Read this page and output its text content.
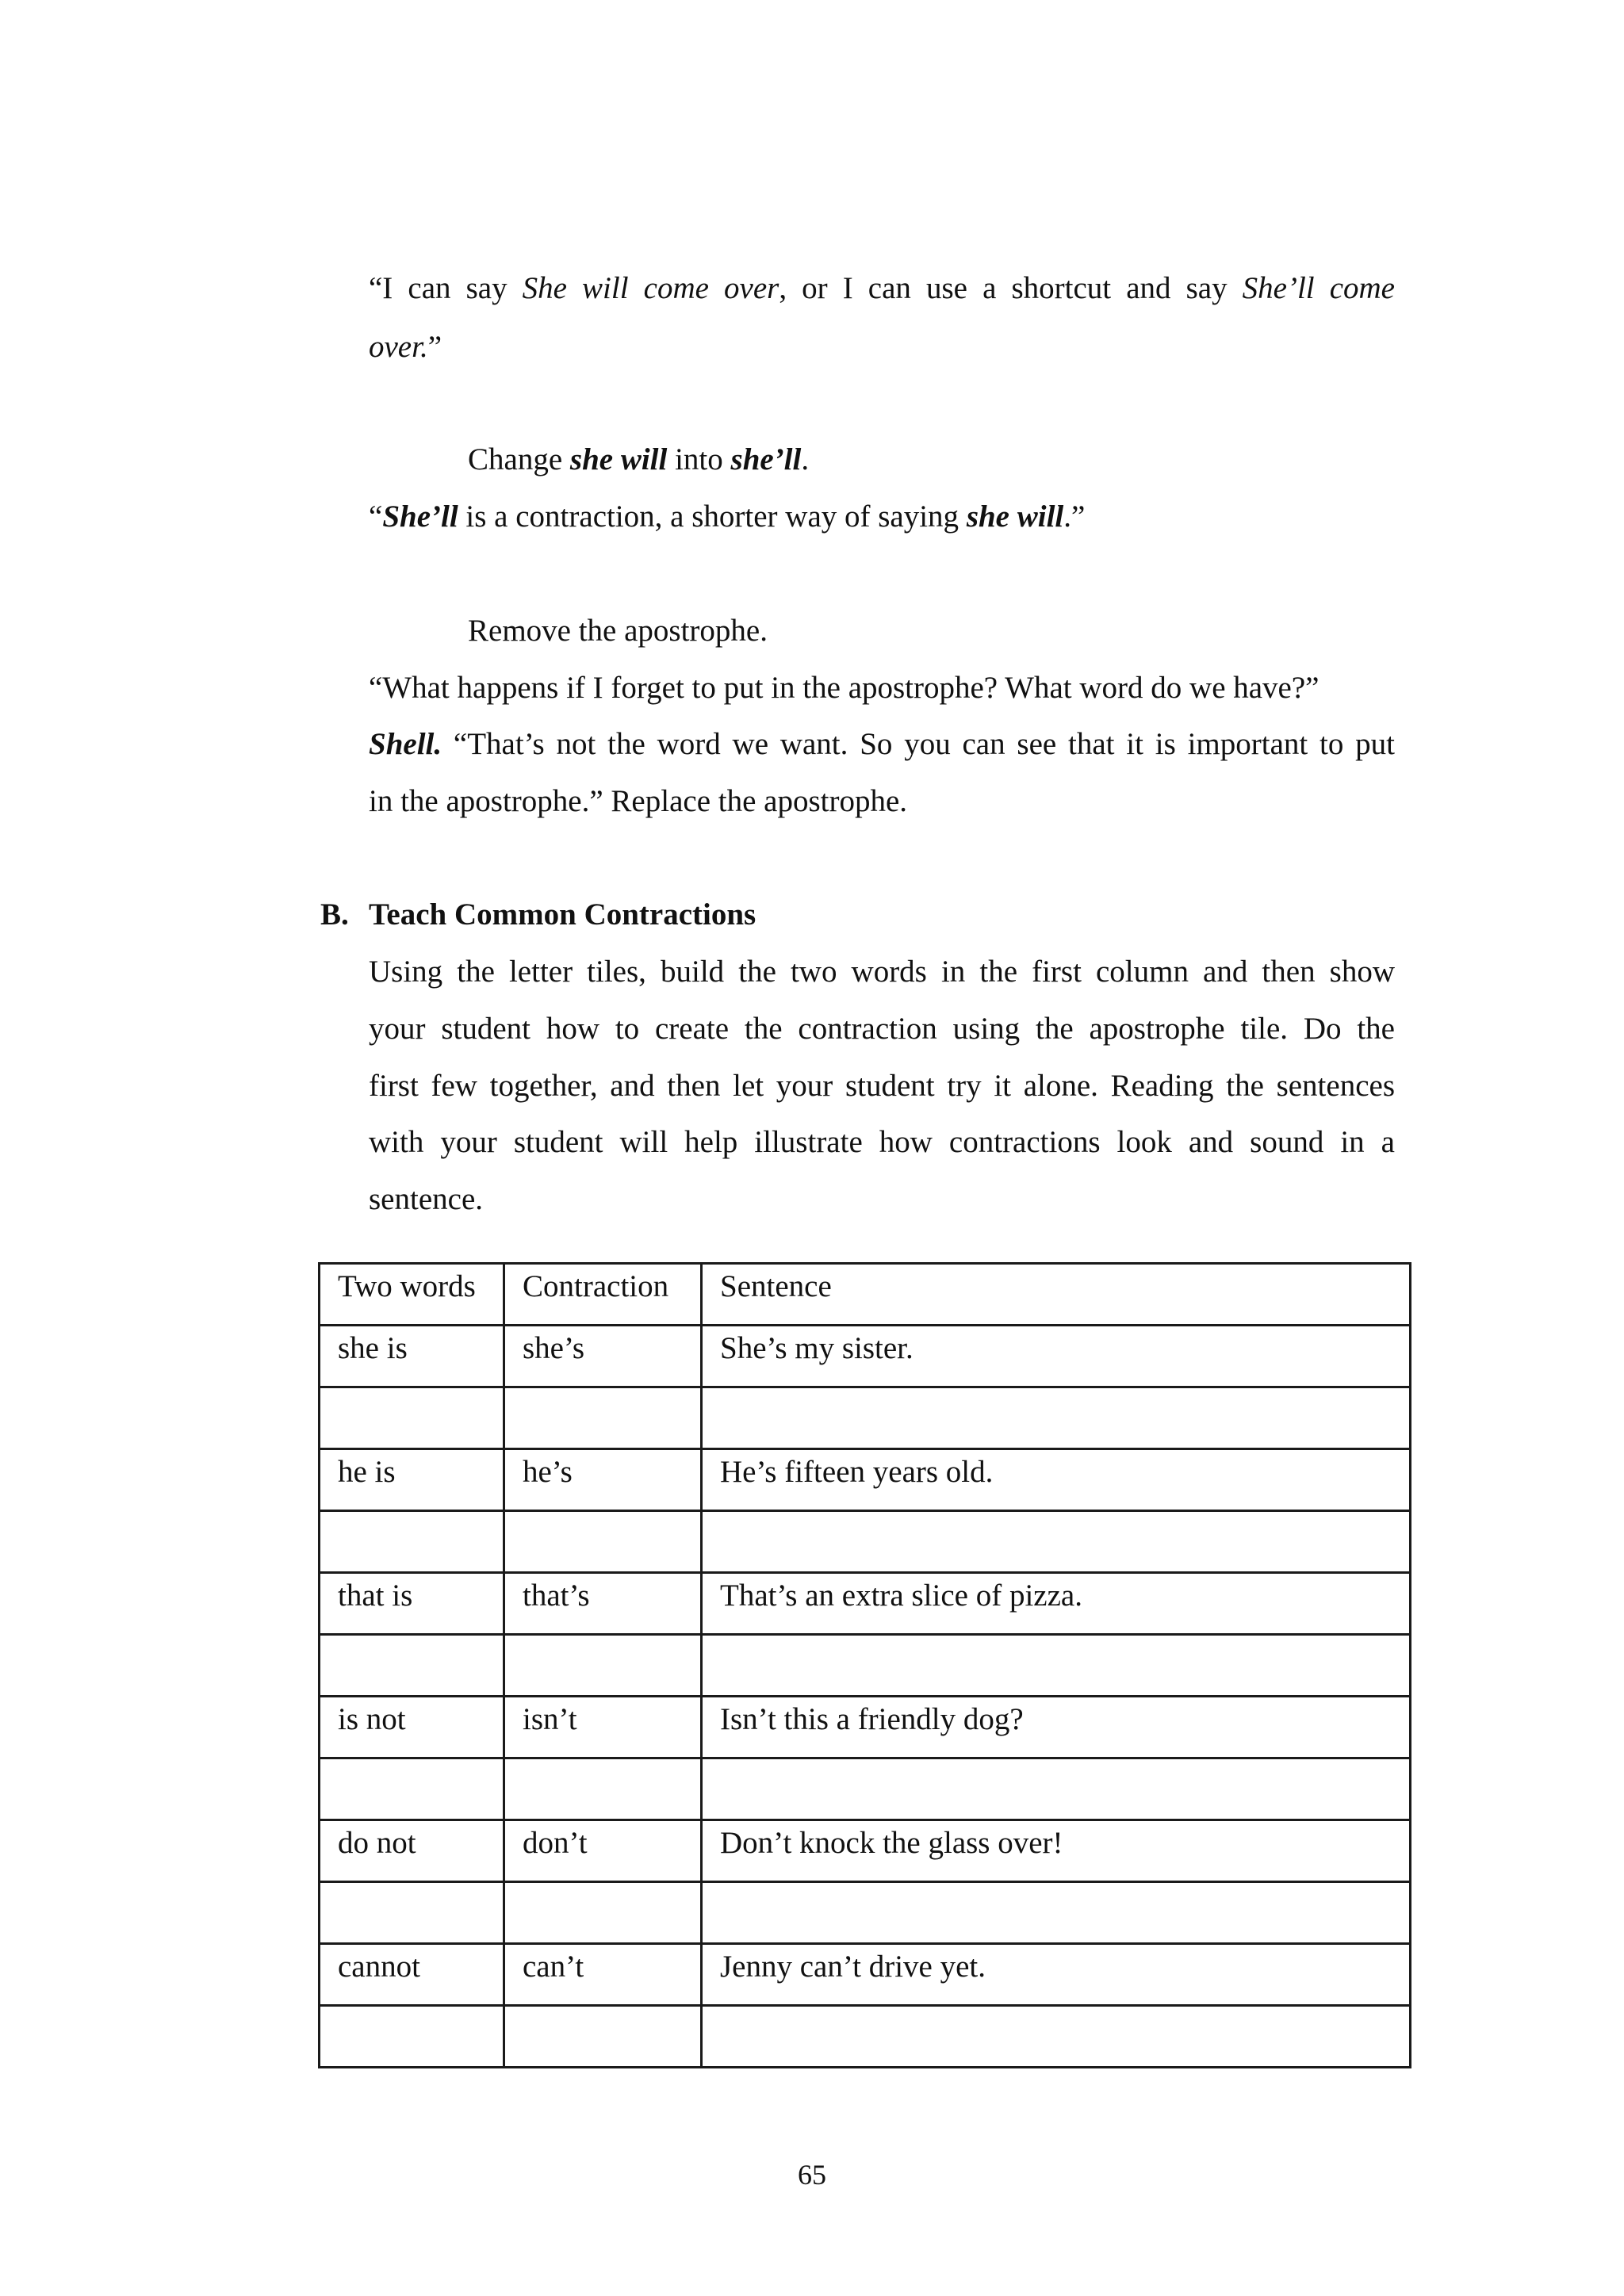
“I can say She will come over, or I can use a shortcut and say She’ll come
over.”
Change she will into she’ll.
“She’ll is a contraction, a shorter way of saying she will.”
Remove the apostrophe.
“What happens if I forget to put in the apostrophe? What word do we have?”
Shell. “That’s not the word we want. So you can see that it is important to put
in the apostrophe.” Replace the apostrophe.
B. Teach Common Contractions
Using the letter tiles, build the two words in the first column and then show
your student how to create the contraction using the apostrophe tile. Do the
first few together, and then let your student try it alone. Reading the sentences
with your student will help illustrate how contractions look and sound in a
sentence.
Two words	Contraction	Sentence
she is	she’s	She’s my sister.

he is	he’s	He’s fifteen years old.

that is	that’s	That’s an extra slice of pizza.

is not	isn’t	Isn’t this a friendly dog?

do not	don’t	Don’t knock the glass over!

cannot	can’t	Jenny can’t drive yet.

65
